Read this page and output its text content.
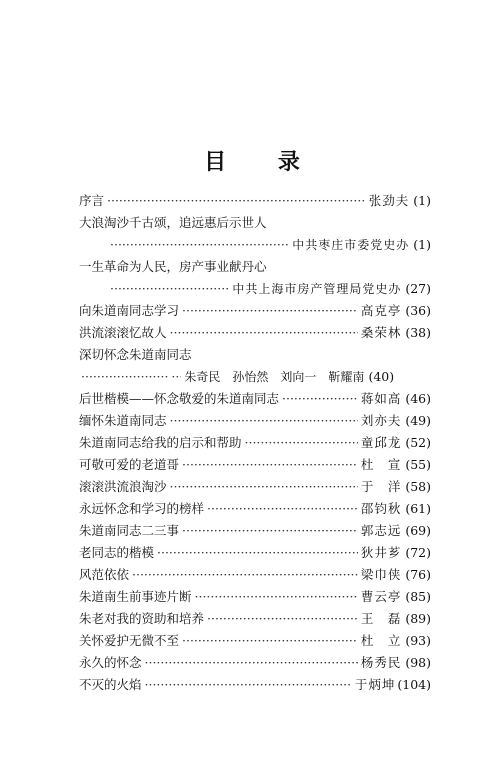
目 录
序言 ·····	张劲夫 (1)
大浪淘沙千古颂，追远惠后示世人
·····
中共枣庄市委党史办 (1)
一生革命为人民，房产事业献丹心
·····
中共上海市房产管理局党史办 (27)
向朱道南同志学习 ·····	高克亭 (36)
洪流滚滚忆故人 ·····	桑荣林 (38)
深切怀念朱道南同志
·····
·····
朱奇民　孙怡然　刘向一　靳耀南 (40)
后世楷模——怀念敬爱的朱道南同志 ·····	蒋如高 (46)
缅怀朱道南同志 ·····	刘亦夫 (49)
朱道南同志给我的启示和帮助 ·····	童邱龙 (52)
可敬可爱的老道哥 ·····	杜　宣 (55)
滚滚洪流浪淘沙 ·····	于　洋 (58)
永远怀念和学习的榜样 ·····	邵钧秋 (61)
朱道南同志二三事 ·····	郭志远 (69)
老同志的楷模 ·····	狄井芗 (72)
风范依依 ·····	梁巾侠 (76)
朱道南生前事迹片断 ·····	曹云亭 (85)
朱老对我的资助和培养 ·····	王　磊 (89)
关怀爱护无微不至 ·····	杜　立 (93)
永久的怀念 ·····	杨秀民 (98)
不灭的火焰 ·····	于炳坤 (104)
